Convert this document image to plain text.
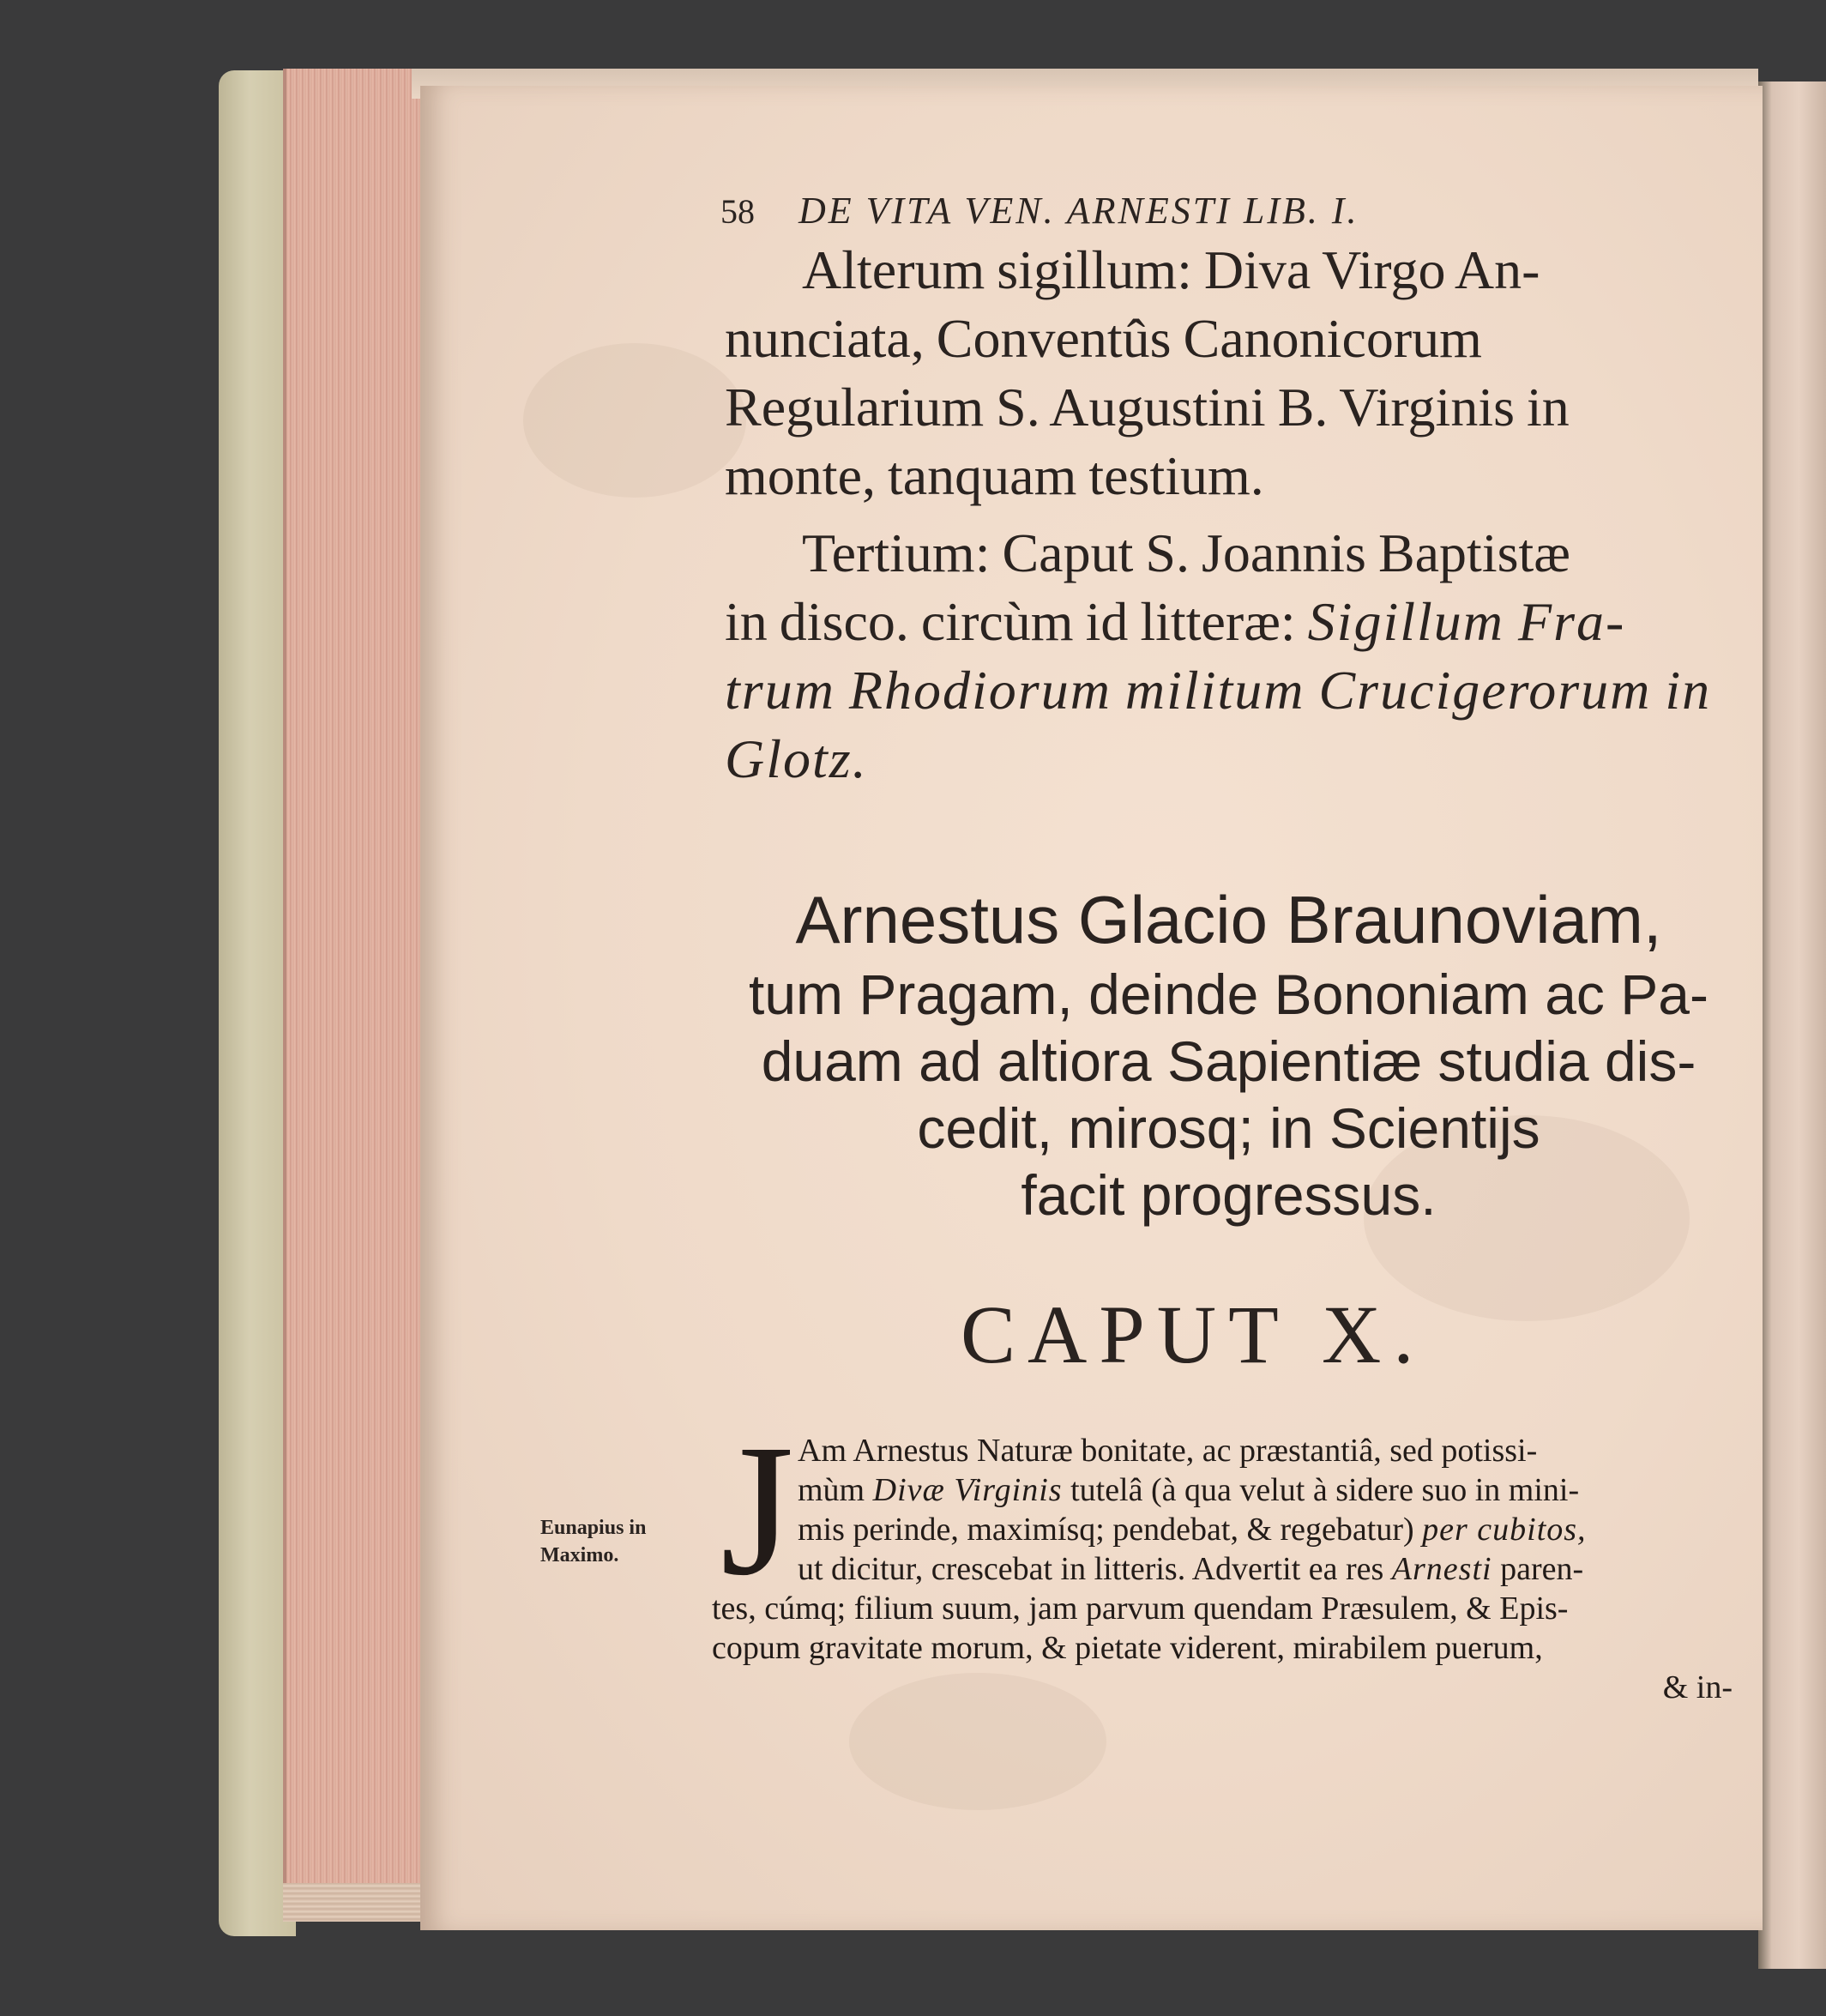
58 DE VITA VEN. ARNESTI LIB. I.
Alterum sigillum: Diva Virgo An-
nunciata, Conventûs Canonicorum
Regularium S. Augustini B. Virginis in
monte, tanquam testium.
Tertium: Caput S. Joannis Baptistæ
in disco. circùm id litteræ: Sigillum Fra-
trum Rhodiorum militum Crucigerorum in
Glotz.
Arnestus Glacio Braunoviam,
tum Pragam, deinde Bononiam ac Pa-
duam ad altiora Sapientiæ studia dis-
cedit, mirosq; in Scientijs
facit progressus.
CAPUT X.
Eunapius in
Maximo. J Am Arnestus Naturæ bonitate, ac præstantiâ, sed potissi-
mùm Divæ Virginis tutelâ (à qua velut à sidere suo in mini-
mis perinde, maximísq; pendebat, & regebatur) per cubitos,
ut dicitur, crescebat in litteris. Advertit ea res Arnesti paren-
tes, cúmq; filium suum, jam parvum quendam Præsulem, & Epis-
copum gravitate morum, & pietate viderent, mirabilem puerum,
& in-
